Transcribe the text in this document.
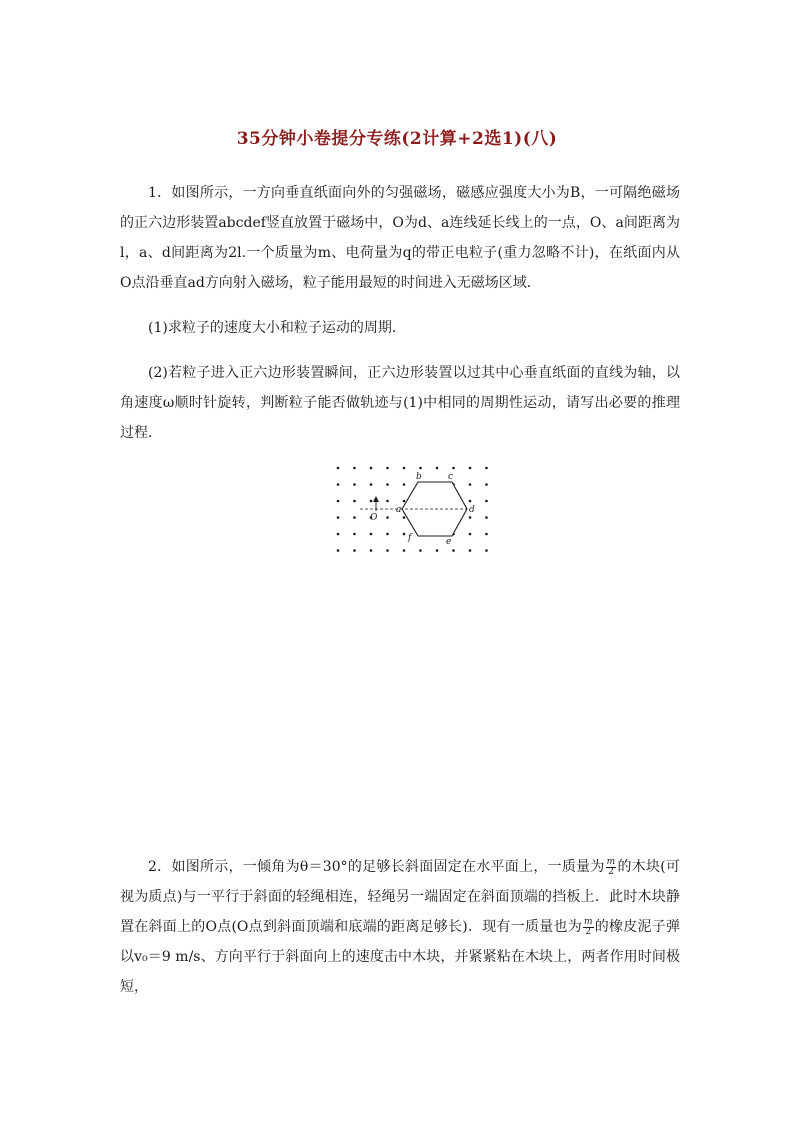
35分钟小卷提分专练(2计算+2选1)(八)

1．如图所示，一方向垂直纸面向外的匀强磁场，磁感应强度大小为B，一可隔绝磁场的正六边形装置abcdef竖直放置于磁场中，O为d、a连线延长线上的一点，O、a间距离为l，a、d间距离为2l.一个质量为m、电荷量为q的带正电粒子(重力忽略不计)，在纸面内从O点沿垂直ad方向射入磁场，粒子能用最短的时间进入无磁场区域．

(1)求粒子的速度大小和粒子运动的周期．

(2)若粒子进入正六边形装置瞬间，正六边形装置以过其中心垂直纸面的直线为轴，以角速度ω顺时针旋转，判断粒子能否做轨迹与(1)中相同的周期性运动，请写出必要的推理过程．

O
a
b	c
d
e
f

2．如图所示，一倾角为θ＝30°的足够长斜面固定在水平面上，一质量为 $\frac{m}{2}$ 的木块(可视为质点)与一平行于斜面的轻绳相连，轻绳另一端固定在斜面顶端的挡板上．此时木块静置在斜面上的O点(O点到斜面顶端和底端的距离足够长)．现有一质量也为 $\frac{m}{2}$ 的橡皮泥子弹以v₀＝9 m/s、方向平行于斜面向上的速度击中木块，并紧紧粘在木块上，两者作用时间极短，
